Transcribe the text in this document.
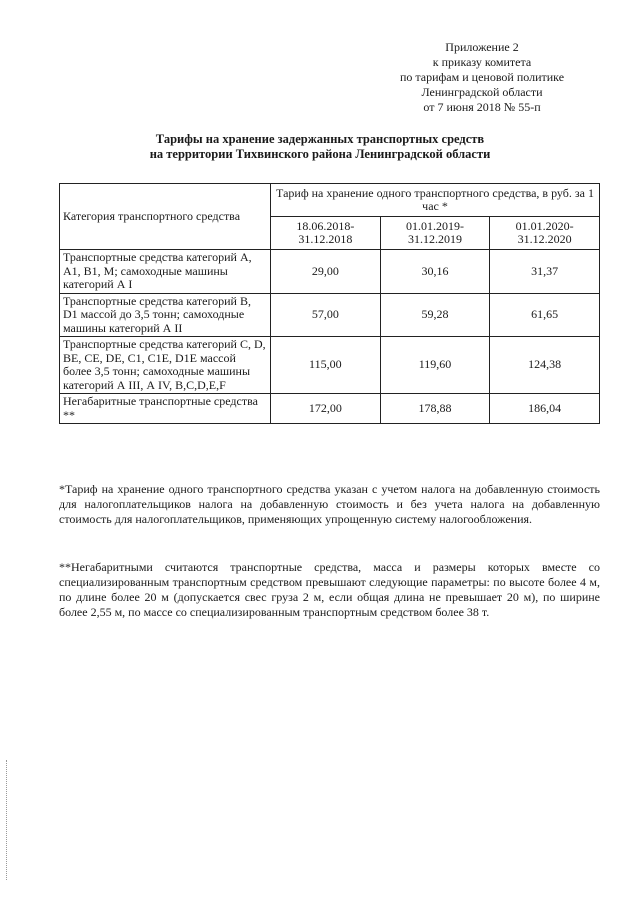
Приложение 2
к приказу комитета
по тарифам и ценовой политике
Ленинградской области
от 7 июня 2018 № 55-п
Тарифы на хранение задержанных транспортных средств
на территории Тихвинского района Ленинградской области
Категория транспортного средства	Тариф на хранение одного транспортного средства, в руб. за 1 час *		
	18.06.2018-31.12.2018	01.01.2019-31.12.2019	01.01.2020-31.12.2020
Транспортные средства категорий А, А1, В1, М; самоходные машины категорий А I	29,00	30,16	31,37
Транспортные средства категорий В, D1 массой до 3,5 тонн; самоходные машины категорий А II	57,00	59,28	61,65
Транспортные средства категорий С, D, ВЕ, СЕ, DE, С1, С1Е, D1E массой более 3,5 тонн; самоходные машины категорий А III, А IV, В,С,D,E,F	115,00	119,60	124,38
Негабаритные транспортные средства **	172,00	178,88	186,04

*Тариф на хранение одного транспортного средства указан с учетом налога на добавленную стоимость для налогоплательщиков налога на добавленную стоимость и без учета налога на добавленную стоимость для налогоплательщиков, применяющих упрощенную систему налогообложения.

**Негабаритными считаются транспортные средства, масса и размеры которых вместе со специализированным транспортным средством превышают следующие параметры: по высоте более 4 м, по длине более 20 м (допускается свес груза 2 м, если общая длина не превышает 20 м), по ширине более 2,55 м, по массе со специализированным транспортным средством более 38 т.
